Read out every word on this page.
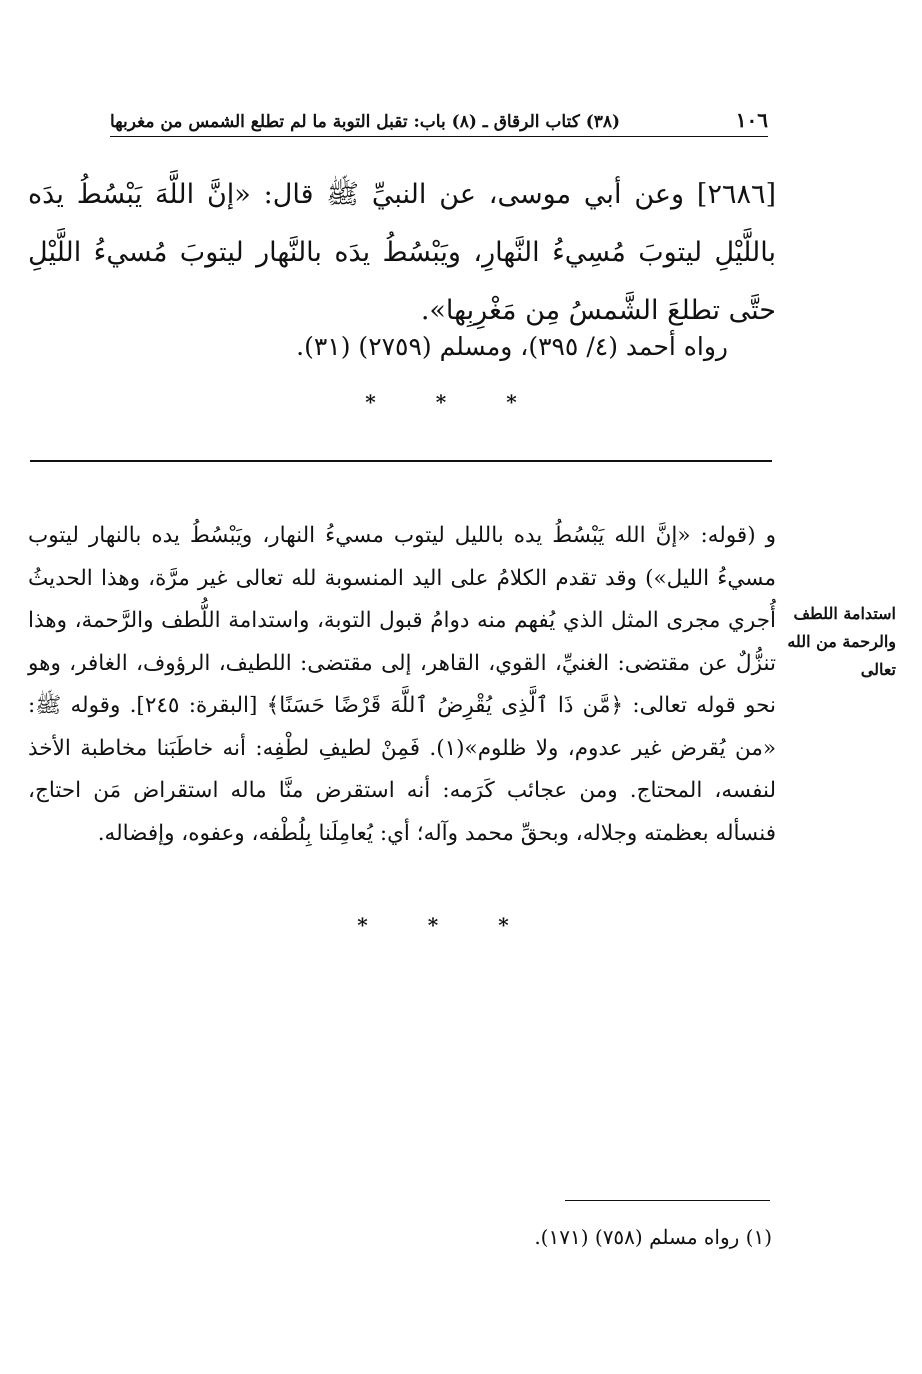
١٠٦
(٣٨) كتاب الرقاق ـ (٨) باب: تقبل التوبة ما لم تطلع الشمس من مغربها
[٢٦٨٦] وعن أبي موسى، عن النبيِّ ﷺ قال: «إنَّ اللَّهَ يَبْسُطُ يدَه باللَّيْلِ ليتوبَ مُسِيءُ النَّهارِ، ويَبْسُطُ يدَه بالنَّهار ليتوبَ مُسيءُ اللَّيْلِ حتَّى تطلعَ الشَّمسُ مِن مَغْرِبِها».
رواه أحمد (٤/ ٣٩٥)، ومسلم (٢٧٥٩) (٣١).
*
*
*
و (قوله: «إنَّ الله يَبْسُطُ يده بالليل ليتوب مسيءُ النهار، ويَبْسُطُ يده بالنهار ليتوب مسيءُ الليل») وقد تقدم الكلامُ على اليد المنسوبة لله تعالى غير مرَّة، وهذا الحديثُ أُجري مجرى المثل الذي يُفهم منه دوامُ قبول التوبة، واستدامة اللُّطف والرَّحمة، وهذا تنزُّلٌ عن مقتضى: الغنيِّ، القوي، القاهر، إلى مقتضى: اللطيف، الرؤوف، الغافر، وهو نحو قوله تعالى: ﴿مَّن ذَا ٱلَّذِى يُقْرِضُ ٱللَّهَ قَرْضًا حَسَنًا﴾ [البقرة: ٢٤٥]. وقوله ﷺ: «من يُقرض غير عدوم، ولا ظلوم»(١). فَمِنْ لطيفِ لطْفِه: أنه خاطَبَنا مخاطبة الأخذ لنفسه، المحتاج. ومن عجائب كَرَمه: أنه استقرض منَّا ماله استقراض مَن احتاج، فنسأله بعظمته وجلاله، وبحقِّ محمد وآله؛ أي: يُعامِلَنا بِلُطْفه، وعفوه، وإفضاله.
استدامة اللطف والرحمة من الله تعالى
*
*
*
(١) رواه مسلم (٧٥٨) (١٧١).
